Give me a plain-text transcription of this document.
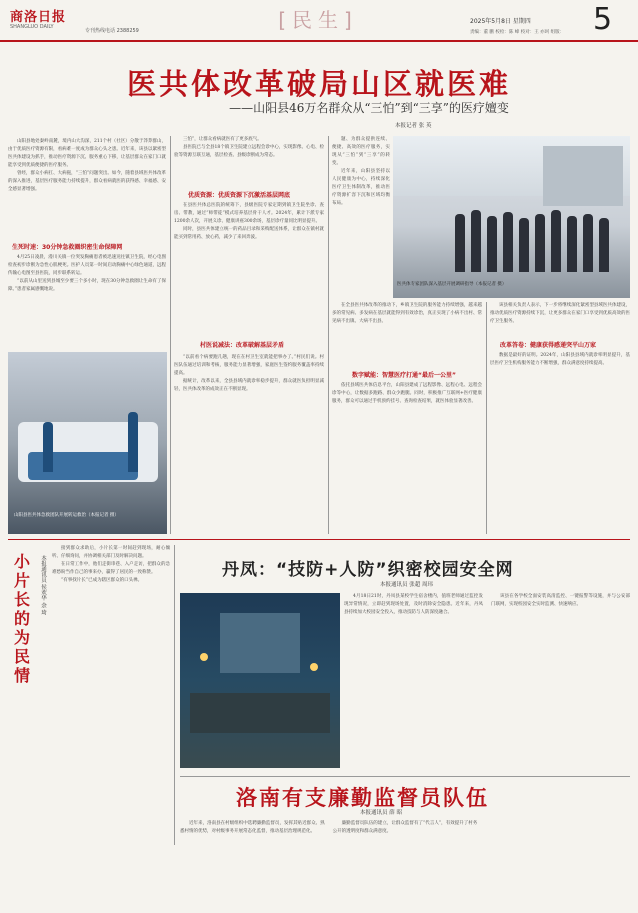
商洛日报
SHANGLUO DAILY
专刊热线电话 2388259	[民生]	2025年5月8日 星期四
责编：董 鹏 校检：陈 峰 校对：王 亦珂 组版： 5
医共体改革破局山区就医难
——山阳县46万名群众从“三怕”到“三享”的医疗嬗变
本报记者 张 英

山阳县地处秦岭南麓，境内山大沟深，211个村（社区）分散于莽莽群山，由于优质医疗资源有限，看病难一度成为群众心头之患。近年来，该县以紧密型医共体建设为抓手，推动医疗资源下沉、服务重心下移，让基层群众在家门口就能享受到优质便捷的医疗服务。

曾经，群众小病扛、大病拖，“三怕”问题突出。如今，随着县域医共体改革的深入推进，基层医疗服务能力持续提升，群众看病就医的获得感、幸福感、安全感显著增强。

生死时速：30分钟急救圈织密生命保障网

4月25日凌晨，漫川关镇一位突发胸痛患者被迅速送往镇卫生院，经心电图检查初步诊断为急性心肌梗死。医护人员第一时间启动胸痛中心绿色通道，远程传输心电图至县医院，同步联系转运。

“以前从山里送到县城至少要三个多小时，现在30分钟急救圈让生命有了保障。”患者家属感慨地说。

山阳县医共体急救团队开展转运救治（本报记者 摄）

三怕”，让群众看病就医有了更多底气。

县医院已与全县18个镇卫生院建立远程会诊中心，实现影像、心电、检验等资源互联互通，基层检查、县级诊断成为常态。

优质资源：优质资源下沉激活基层网底

在县医共体总医院的统筹下，县级医院专家定期到镇卫生院坐诊、查房、带教，通过“师带徒”模式培养基层骨干人才。2024年，累计下派专家1200余人次，开展义诊、健康讲座300余场，基层诊疗量同比明显提升。

同时，县医共体建立统一的药品目录和采购配送体系，让群众在镇村就能买到常用药、放心药，减少了来回奔波。

村医说减法：改革破解基层矛盾

“以前看个病要跑几趟，现在在村卫生室就能把事办了。”村民们说。村医队伍通过培训和考核，服务能力显著增强，家庭医生签约服务覆盖率持续提高。

据统计，改革以来，全县县域内就诊率稳步提升，群众就医负担明显减轻，医共体改革的成效正在不断显现。

题、为群众提供连续、便捷、高效的医疗服务，实现从“三怕”到“三享”的转变。

近年来，山阳县坚持以人民健康为中心，持续深化医疗卫生体制改革，推动医疗资源扩容下沉和区域均衡布局。

医共体专家团队深入基层开展调研指导（本报记者 摄）

在全县医共体改革的推动下，乡镇卫生院的服务能力持续增强，越来越多的常见病、多发病在基层就能得到有效诊治，真正实现了小病不出村、常见病不出镇、大病不出县。

数字赋能：智慧医疗打通“最后一公里”

依托县域医共体信息平台，山阳县建成了远程影像、远程心电、远程会诊等中心，让数据多跑路、群众少跑腿。同时，积极推广互联网+医疗健康服务，群众可以通过手机预约挂号、查询检查结果，就医体验显著改善。

改革答卷：健康获得感递突平山万家

该县相关负责人表示，下一步将继续深化紧密型县域医共体建设，推动优质医疗资源持续下沉，让更多群众在家门口享受到优质高效的医疗卫生服务。

数据是最好的证明。2024年，山阳县县域内就诊率明显提升，基层医疗卫生机构服务能力不断增强，群众满意度持续提高。

小片长的为民情
本报通讯员 侯欢华 余 琦

接到群众求助后，小片长第一时间赶到现场，耐心倾听、仔细询问，并协调相关部门及时解决问题。

在日常工作中，他们走街串巷、入户走访，把群众的急难愁盼当作自己的事来办，赢得了居民的一致称赞。

“有事找片长”已成为辖区群众的口头禅。

丹凤：“技防+人防”织密校园安全网
本报通讯员 张超 周玮

4月18日21时，丹凤县某校学生宿舍楼内，值班老师通过监控发现异常情况，立即赶到现场处置，及时消除安全隐患。近年来，丹凤县持续加大校园安全投入，推动技防与人防深度融合。

该县在各学校全面安装高清监控、一键报警等设施，并与公安部门联网，实现校园安全实时监测、快速响应。

洛南有支廉勤监督员队伍
本报通讯员 薛 昭

近年来，洛南县在村级组织中选聘廉勤监督员，发挥其贴近群众、熟悉村情的优势，对村级事务开展常态化监督，推动基层治理规范化。

廉勤监督员队伍的建立，让群众监督有了“代言人”，有效提升了村务公开的透明度和群众满意度。
